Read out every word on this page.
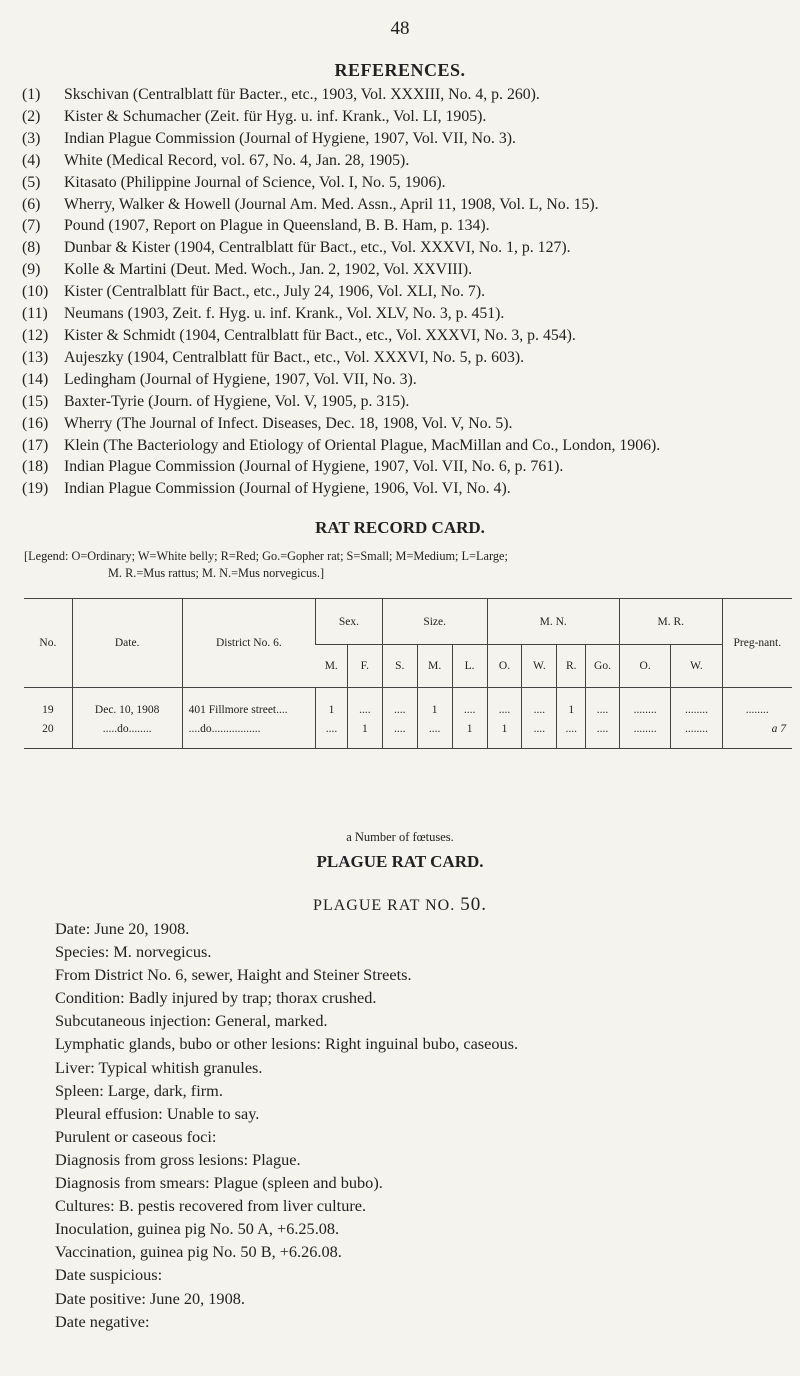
48
REFERENCES.
(1)	Skschivan (Centralblatt für Bacter., etc., 1903, Vol. XXXIII, No. 4, p. 260).
(2)	Kister & Schumacher (Zeit. für Hyg. u. inf. Krank., Vol. LI, 1905).
(3)	Indian Plague Commission (Journal of Hygiene, 1907, Vol. VII, No. 3).
(4)	White (Medical Record, vol. 67, No. 4, Jan. 28, 1905).
(5)	Kitasato (Philippine Journal of Science, Vol. I, No. 5, 1906).
(6)	Wherry, Walker & Howell (Journal Am. Med. Assn., April 11, 1908, Vol. L, No. 15).
(7)	Pound (1907, Report on Plague in Queensland, B. B. Ham, p. 134).
(8)	Dunbar & Kister (1904, Centralblatt für Bact., etc., Vol. XXXVI, No. 1, p. 127).
(9)	Kolle & Martini (Deut. Med. Woch., Jan. 2, 1902, Vol. XXVIII).
(10) Kister (Centralblatt für Bact., etc., July 24, 1906, Vol. XLI, No. 7).
(11)	Neumans (1903, Zeit. f. Hyg. u. inf. Krank., Vol. XLV, No. 3, p. 451).
(12) Kister & Schmidt (1904, Centralblatt für Bact., etc., Vol. XXXVI, No. 3, p. 454).
(13) Aujeszky (1904, Centralblatt für Bact., etc., Vol. XXXVI, No. 5, p. 603).
(14) Ledingham (Journal of Hygiene, 1907, Vol. VII, No. 3).
(15) Baxter-Tyrie (Journ. of Hygiene, Vol. V, 1905, p. 315).
(16) Wherry (The Journal of Infect. Diseases, Dec. 18, 1908, Vol. V, No. 5).
(17) Klein (The Bacteriology and Etiology of Oriental Plague, MacMillan and Co., London, 1906).
(18) Indian Plague Commission (Journal of Hygiene, 1907, Vol. VII, No. 6, p. 761).
(19) Indian Plague Commission (Journal of Hygiene, 1906, Vol. VI, No. 4).
RAT RECORD CARD.
[Legend: O=Ordinary; W=White belly; R=Red; Go.=Gopher rat; S=Small; M=Medium; L=Large;
M. R.=Mus rattus; M. N.=Mus norvegicus.]
No.	Date.	District No. 6.	Sex.		Size.			M. N.				M. R.		Preg-nant.
			M.	F.	S.	M.	L.	O.	W.	R.	Go.	O.	W.	
19	Dec. 10, 1908	401 Fillmore street....	1	....	....	1	....	....	....	1	....	........	........	........
20	.....do........	....do.................	....	1	....	....	1	1	....	....	....	........	........	a 7
a Number of fœtuses.
PLAGUE RAT CARD.
PLAGUE RAT NO. 50.
Date: June 20, 1908.
Species: M. norvegicus.
From District No. 6, sewer, Haight and Steiner Streets.
Condition: Badly injured by trap; thorax crushed.
Subcutaneous injection: General, marked.
Lymphatic glands, bubo or other lesions: Right inguinal bubo, caseous.
Liver: Typical whitish granules.
Spleen: Large, dark, firm.
Pleural effusion: Unable to say.
Purulent or caseous foci:
Diagnosis from gross lesions: Plague.
Diagnosis from smears: Plague (spleen and bubo).
Cultures: B. pestis recovered from liver culture.
Inoculation, guinea pig No. 50 A, +6.25.08.
Vaccination, guinea pig No. 50 B, +6.26.08.
Date suspicious:
Date positive: June 20, 1908.
Date negative:
